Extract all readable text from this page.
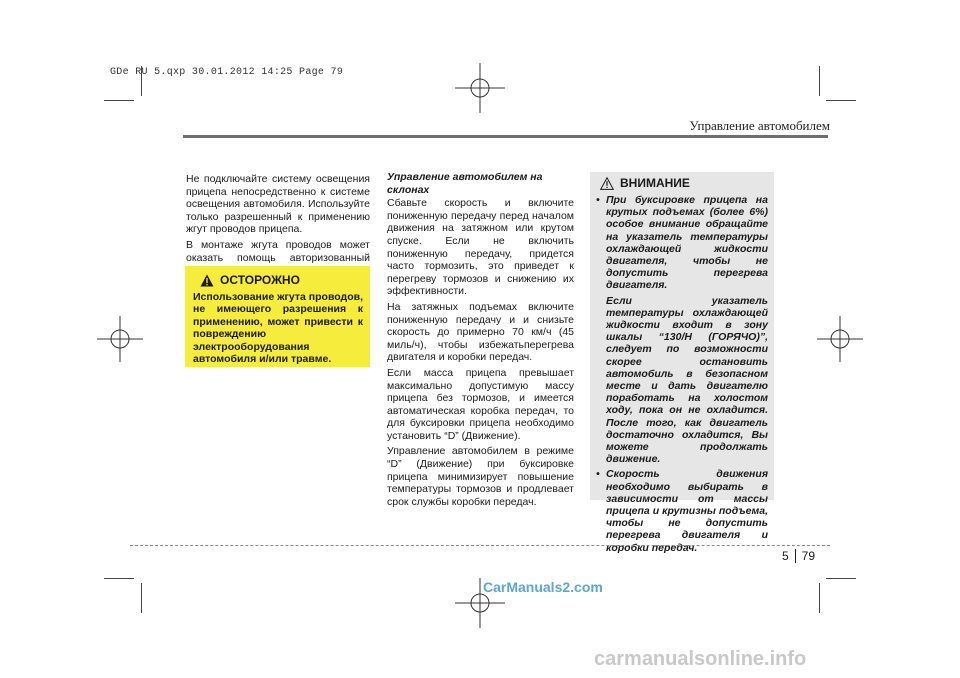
GDe RU 5.qxp 30.01.2012 14:25 Page 79
Управление автомобилем

Не подключайте систему освещения прицепа непосредственно к системе освещения автомобиля. Используйте только разрешенный к применению жгут проводов прицепа.

В монтаже жгута проводов может оказать помощь авторизованный

ОСТОРОЖНО
Использование жгута проводов, не имеющего разрешения к применению, может привести к повреждению электрооборудования автомобиля и/или травме.
Управление автомобилем на склонах

Сбавьте скорость и включите пониженную передачу перед началом движения на затяжном или крутом спуске. Если не включить пониженную передачу, придется часто тормозить, это приведет к перегреву тормозов и снижению их эффективности.

На затяжных подъемах включите пониженную передачу и и снизьте скорость до примерно 70 км/ч (45 миль/ч), чтобы избежатьперегрева двигателя и коробки передач.

Если масса прицепа превышает максимально допустимую массу прицепа без тормозов, и имеется автоматическая коробка передач, то для буксировки прицепа необходимо установить “D” (Движение).

Управление автомобилем в режиме “D” (Движение) при буксировке прицепа минимизирует повышение температуры тормозов и продлевает срок службы коробки передач.

ВНИМАНИЕ
• При буксировке прицепа на крутых подъемах (более 6%) особое внимание обращайте на указатель температуры охлаждающей жидкости двигателя, чтобы не допустить перегрева двигателя.

Если указатель температуры охлаждающей жидкости входит в зону шкалы “130/H (ГОРЯЧО)”, следует по возможности скорее остановить автомобиль в безопасном месте и дать двигателю поработать на холостом ходу, пока он не охладится. После того, как двигатель достаточно охладится, Вы можете продолжать движение.

• Скорость движения необходимо выбирать в зависимости от массы прицепа и крутизны подъема, чтобы не допустить перегрева двигателя и коробки передач.

5 79
CarManuals2.com
carmanualsonline.info
